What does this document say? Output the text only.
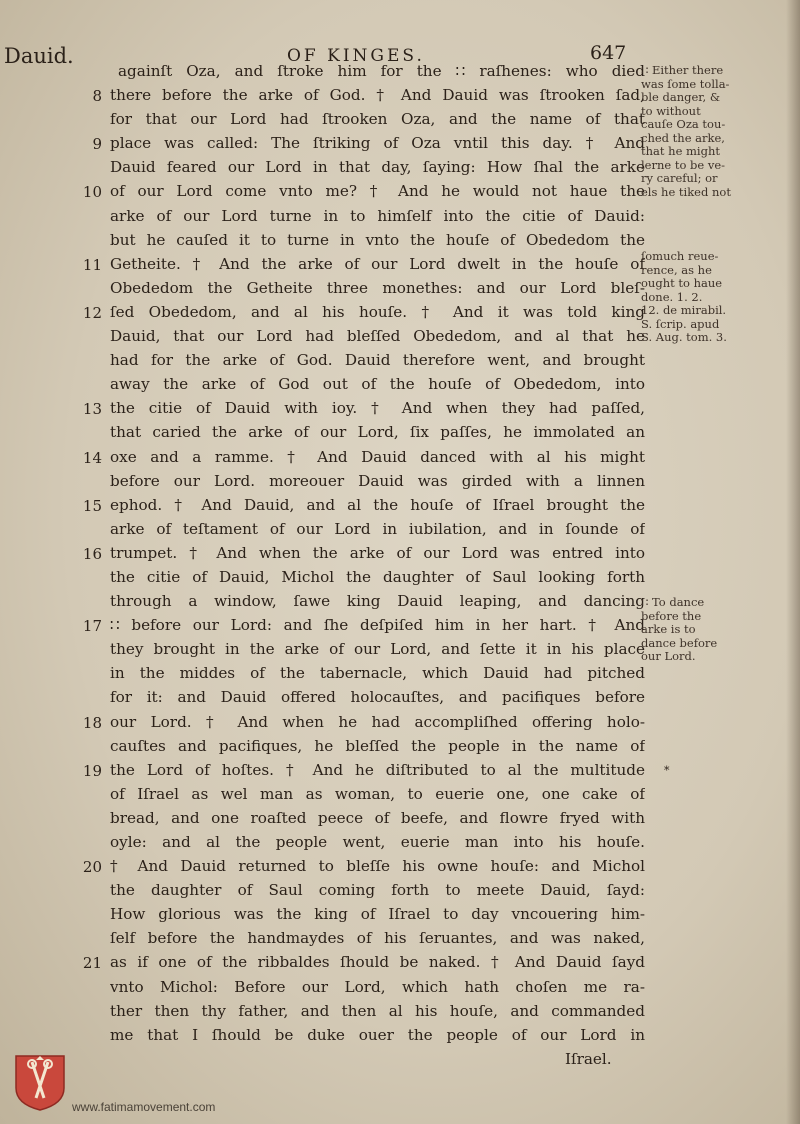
Dauid.	OF KINGES.	647
againſt Oza, and ſtroke him for the ∷ raſhenes: who died
8 there before the arke of God. † And Dauid was ſtrooken ſad,
for that our Lord had ſtrooken Oza, and the name of that
9 place was called: The ſtriking of Oza vntil this day. † And
Dauid feared our Lord in that day, ſaying: How ſhal the arke
10 of our Lord come vnto me? † And he would not haue the
arke of our Lord turne in to himſelf into the citie of Dauid:
but he cauſed it to turne in vnto the houſe of Obededom the
11 Getheite. † And the arke of our Lord dwelt in the houſe of
Obededom the Getheite three monethes: and our Lord bleſ-
12 ſed Obededom, and al his houſe. † And it was told king
Dauid, that our Lord had bleſſed Obededom, and al that he
had for the arke of God. Dauid therefore went, and brought
away the arke of God out of the houſe of Obededom, into
13 the citie of Dauid with ioy. † And when they had paſſed,
that caried the arke of our Lord, ſix paſſes, he immolated an
14 oxe and a ramme. † And Dauid danced with al his might
before our Lord. moreouer Dauid was girded with a linnen
15 ephod. † And Dauid, and al the houſe of Iſrael brought the
arke of teſtament of our Lord in iubilation, and in ſounde of
16 trumpet. † And when the arke of our Lord was entred into
the citie of Dauid, Michol the daughter of Saul looking forth
through a window, ſawe king Dauid leaping, and dancing
17 ∷ before our Lord: and ſhe deſpiſed him in her hart. † And
they brought in the arke of our Lord, and ſette it in his place
in the middes of the tabernacle, which Dauid had pitched
for it: and Dauid offered holocauſtes, and pacifiques before
18 our Lord. † And when he had accompliſhed offering holo-
cauſtes and pacifiques, he bleſſed the people in the name of
19 the Lord of hoſtes. † And he diſtributed to al the multitude
of Iſrael as wel man as woman, to euerie one, one cake of
bread, and one roaſted peece of beefe, and flowre fryed with
oyle: and al the people went, euerie man into his houſe.
20 † And Dauid returned to bleſſe his owne houſe: and Michol
the daughter of Saul coming forth to meete Dauid, ſayd:
How glorious was the king of Iſrael to day vncouering him-
ſelf before the handmaydes of his ſeruantes, and was naked,
21 as if one of the ribbaldes ſhould be naked. † And Dauid ſayd
vnto Michol: Before our Lord, which hath choſen me ra-
ther then thy father, and then al his houſe, and commanded
me that I ſhould be duke ouer the people of our Lord in
Iſrael.
∷ Either there
was ſome tolla-
ble danger, &
to without
cauſe Oza tou-
ched the arke,
that he might
lerne to be ve-
ry careful; or
els he tiked not
ſomuch reue-
rence, as he
ought to haue
done. 1. 2.
12. de mirabil.
S. ſcrip. apud
S. Aug. tom. 3.
∷ To dance
before the
arke is to
dance before
our Lord.
*
www.fatimamovement.com
